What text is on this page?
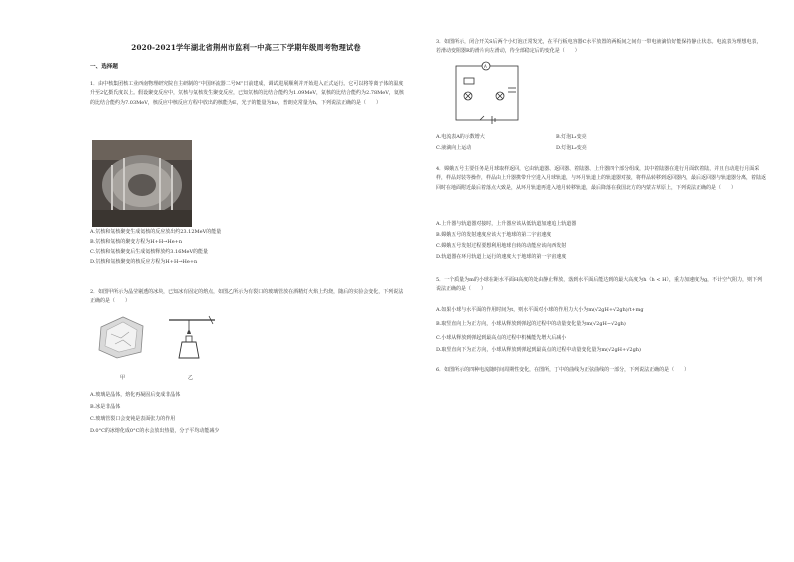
2020-2021学年湖北省荆州市监利一中高三下学期年级周考物理试卷
一、选择题

1．由中核集团核工业西南物理研究院自主研制的“中国环流器二号M”日前建成，调试进展顺利并开始进入正式运行。它可以将等离子体的温度升至2亿摄氏度以上。假设聚变反应中，氘核与氚核发生聚变反应，已知氘核的比结合能约为1.09MeV，氚核的比结合能约为2.78MeV，氦核的比结合能约为7.03MeV，核反应中核反应方程中放出的核能为E，光子的能量为hν，普朗克常量为h，下列说法正确的是（　　）

A.氘核和氚核聚变生成氦核的反应放出约23.12MeV的能量
B.氘核和氚核的聚变方程为H+H→He+n
C.氘核和氚核聚变后生成氦核释放约3.16MeV的能量
D.氘核和氚核聚变的核反应方程为H+H→He+n

2．如图甲所示为晶莹剔透的冰块，已知冰有固定的熔点，如图乙所示为有裂口的玻璃管放在酒精灯火焰上灼烧，随后的实验会变化，下列说法正确的是（　　）

甲	乙
A.玻璃是晶体，熔化再凝固后变成非晶体
B.冰是非晶体
C.玻璃管裂口会变钝是表面张力的作用
D.0°C的冰熔化成0°C的水会放出热量，分子平均动能减少

3．如图所示，闭合开关S后两个小灯泡正常发光，在平行板电容器C水平放置的两板间之间有一带电液滴恰好能保持静止状态。电流表为理想电表，若滑动变阻器R的滑片向左滑动，待全部稳定后的变化是（　　）

A
A.电流表A的示数增大	B.灯泡L₁变亮
C.液滴向上运动	D.灯泡L₂变亮

4．嫦娥五号主要任务是月球取样返回，它由轨道器、返回器、着陆器、上升器四个部分组成，其中着陆器在进行月面软着陆，并且自动进行月面采样，样品封装等操作，样品由上升器携带升空进入月球轨道，与环月轨道上的轨道器对接，将样品转移到返回器内，最后返回器与轨道器分离，着陆返回时在地面附近最后着落点大致是，从环月轨道再进入地月转移轨道，最后降落在我国北方的内蒙古草原上，下列说法正确的是（　　）

A.上升器与轨道器对接时，上升器应该从低轨道加速追上轨道器
B.嫦娥五号的发射速度应该大于地球的第二宇宙速度
C.嫦娥五号发射过程要想利用地球自转的动能应该向西发射
D.轨道器在环月轨道上运行的速度大于地球的第一宇宙速度

5．一个质量为m的小球在距水平面H高度的处由静止释放，落到水平面后能达到的最大高度为h（h < H），重力加速度为g，不计空气阻力，则下列说法正确的是（　　）

A.如果小球与水平面的作用时间为t，则水平面对小球的作用力大小为m(√2gH+√2gh)/t+mg
B.取竖直向上为正方向，小球从释放到弹起的过程中的动量变化量为m(√2gH−√2gh)
C.小球从释放到弹起到最高点的过程中机械能先增大后减小
D.取竖直向下为正方向，小球从释放到弹起到最高点的过程中动量变化量为m(√2gH+√2gh)

6．如图所示的四种电流随时间周期性变化，在图所，丁中的曲线为正弦曲线的一部分，下列说法正确的是（　　）
